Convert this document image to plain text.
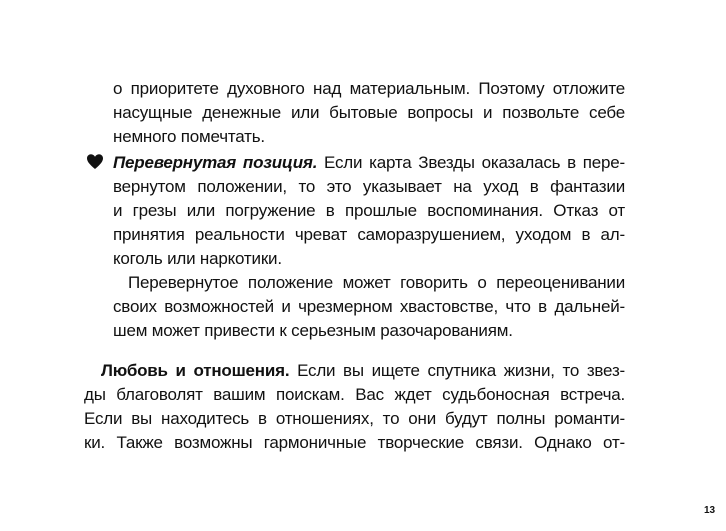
о приоритете духовного над материальным. Поэтому отложите
насущные денежные или бытовые вопросы и позвольте себе
немного помечтать.
Перевернутая позиция. Если карта Звезды оказалась в пере-
вернутом положении, то это указывает на уход в фантазии
и грезы или погружение в прошлые воспоминания. Отказ от
принятия реальности чреват саморазрушением, уходом в ал-
коголь или наркотики.
Перевернутое положение может говорить о переоценивании
своих возможностей и чрезмерном хвастовстве, что в дальней-
шем может привести к серьезным разочарованиям.
Любовь и отношения. Если вы ищете спутника жизни, то звез-
ды благоволят вашим поискам. Вас ждет судьбоносная встреча.
Если вы находитесь в отношениях, то они будут полны романти-
ки. Также возможны гармоничные творческие связи. Однако от-
13
